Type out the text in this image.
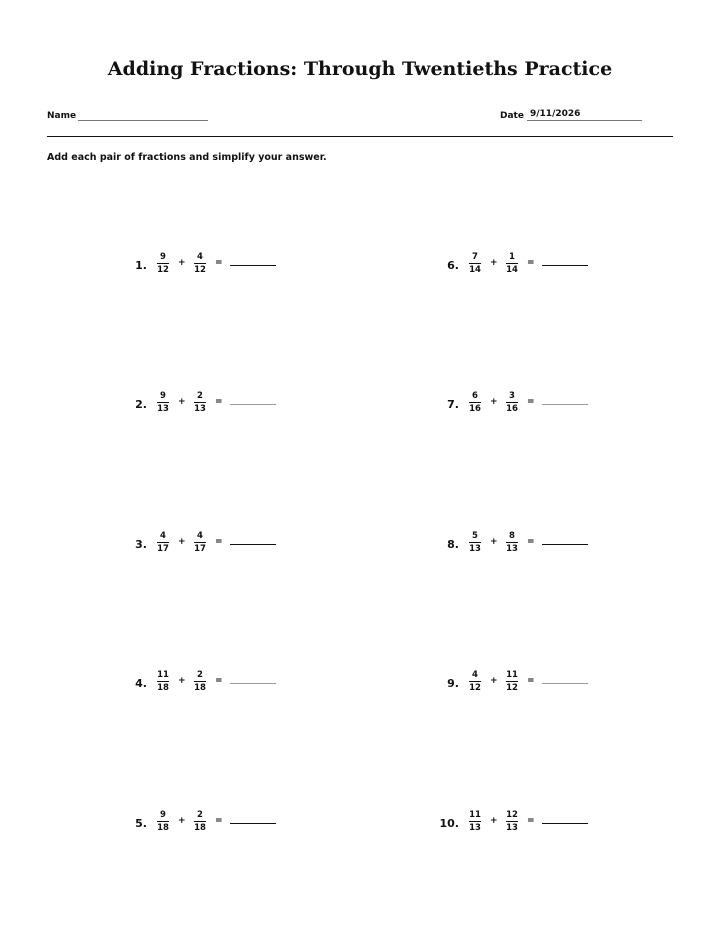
Adding Fractions: Through Twentieths Practice
Name	Date 9/11/2026
Add each pair of fractions and simplify your answer.
1. $\frac{9}{12} + \frac{4}{12}$ =
2. $\frac{9}{13} + \frac{2}{13}$ =
3. $\frac{4}{17} + \frac{4}{17}$ =
4. $\frac{11}{18} + \frac{2}{18}$ =
5. $\frac{9}{18} + \frac{2}{18}$ =
6. $\frac{7}{14} + \frac{1}{14}$ =
7. $\frac{6}{16} + \frac{3}{16}$ =
8. $\frac{5}{13} + \frac{8}{13}$ =
9. $\frac{4}{12} + \frac{11}{12}$ =
10. $\frac{11}{13} + \frac{12}{13}$ =
